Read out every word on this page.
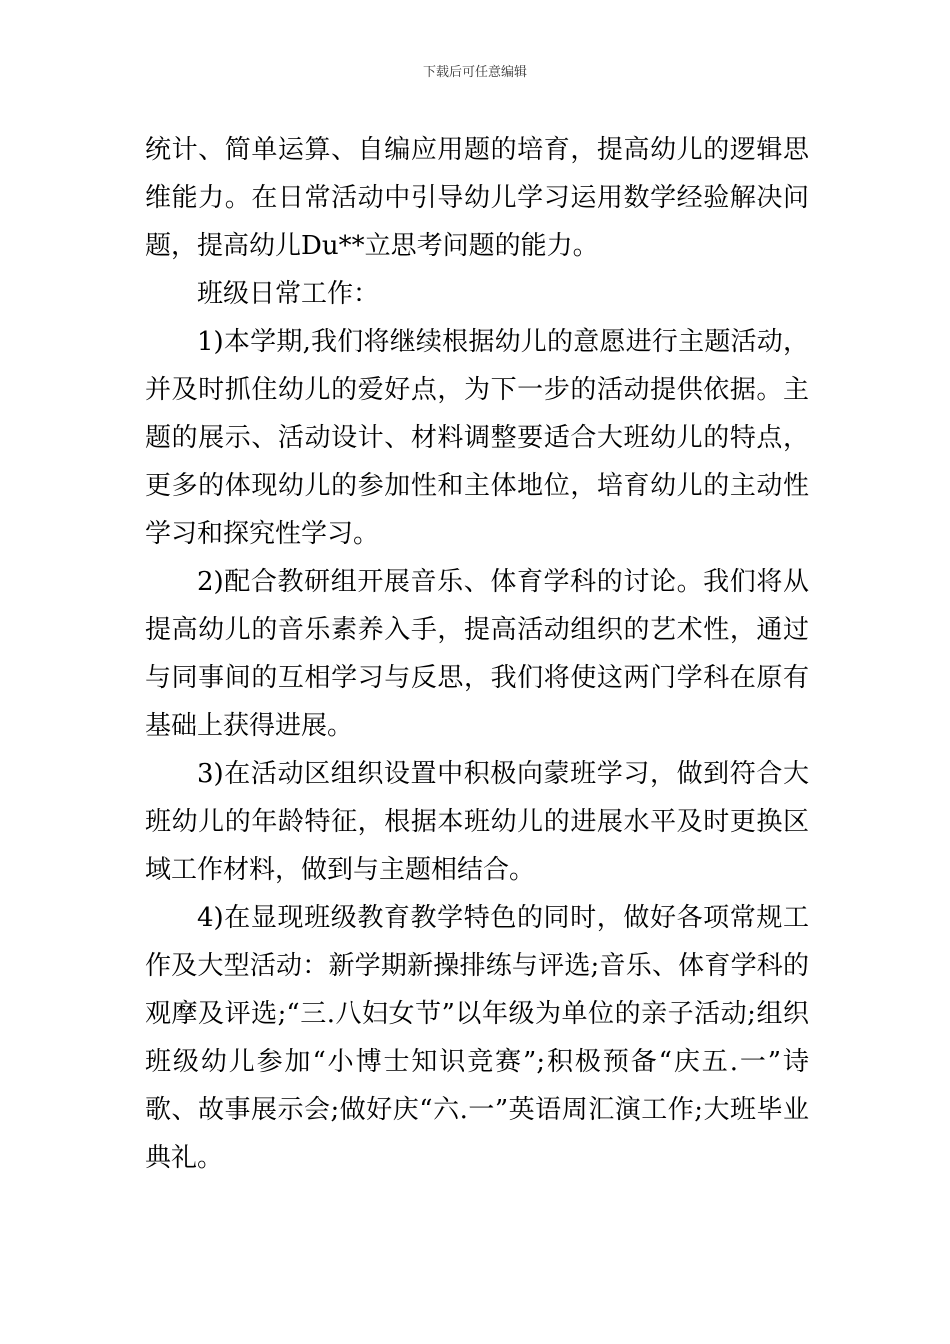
下载后可任意编辑

统计、简单运算、自编应用题的培育，提高幼儿的逻辑思维能力。在日常活动中引导幼儿学习运用数学经验解决问题，提高幼儿Du**立思考问题的能力。

班级日常工作：

1)本学期,我们将继续根据幼儿的意愿进行主题活动，并及时抓住幼儿的爱好点，为下一步的活动提供依据。主题的展示、活动设计、材料调整要适合大班幼儿的特点，更多的体现幼儿的参加性和主体地位，培育幼儿的主动性学习和探究性学习。

2)配合教研组开展音乐、体育学科的讨论。我们将从提高幼儿的音乐素养入手，提高活动组织的艺术性，通过与同事间的互相学习与反思，我们将使这两门学科在原有基础上获得进展。

3)在活动区组织设置中积极向蒙班学习，做到符合大班幼儿的年龄特征，根据本班幼儿的进展水平及时更换区域工作材料，做到与主题相结合。

4)在显现班级教育教学特色的同时，做好各项常规工作及大型活动：新学期新操排练与评选;音乐、体育学科的观摩及评选;“三.八妇女节”以年级为单位的亲子活动;组织班级幼儿参加“小博士知识竞赛”;积极预备“庆五.一”诗歌、故事展示会;做好庆“六.一”英语周汇演工作;大班毕业典礼。
